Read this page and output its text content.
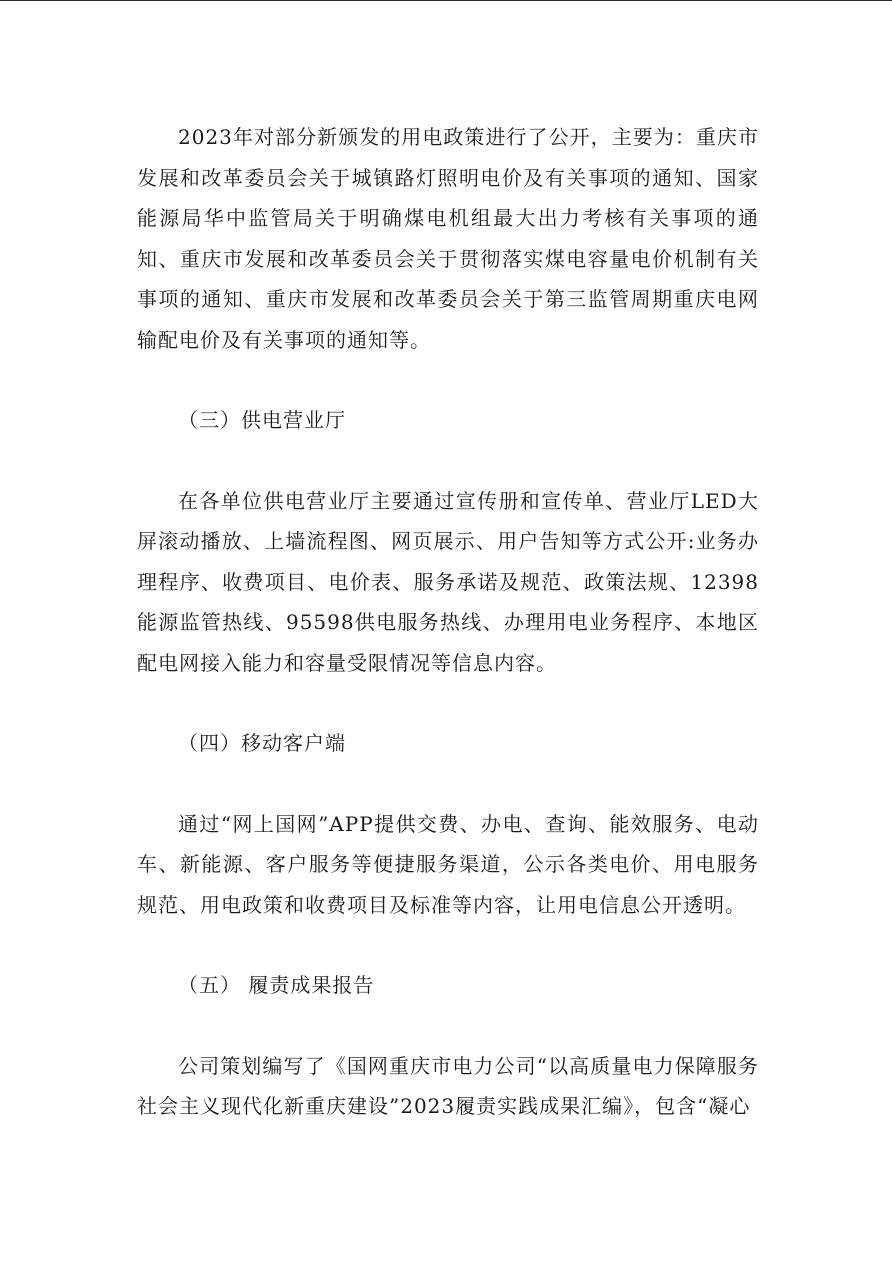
2023年对部分新颁发的用电政策进行了公开，主要为：重庆市发展和改革委员会关于城镇路灯照明电价及有关事项的通知、国家能源局华中监管局关于明确煤电机组最大出力考核有关事项的通知、重庆市发展和改革委员会关于贯彻落实煤电容量电价机制有关事项的通知、重庆市发展和改革委员会关于第三监管周期重庆电网输配电价及有关事项的通知等。

（三）供电营业厅

在各单位供电营业厅主要通过宣传册和宣传单、营业厅LED大屏滚动播放、上墙流程图、网页展示、用户告知等方式公开:业务办理程序、收费项目、电价表、服务承诺及规范、政策法规、12398能源监管热线、95598供电服务热线、办理用电业务程序、本地区配电网接入能力和容量受限情况等信息内容。

（四）移动客户端

通过“网上国网”APP提供交费、办电、查询、能效服务、电动车、新能源、客户服务等便捷服务渠道，公示各类电价、用电服务规范、用电政策和收费项目及标准等内容，让用电信息公开透明。

（五） 履责成果报告

公司策划编写了《国网重庆市电力公司“以高质量电力保障服务社会主义现代化新重庆建设”2023履责实践成果汇编》，包含“凝心
